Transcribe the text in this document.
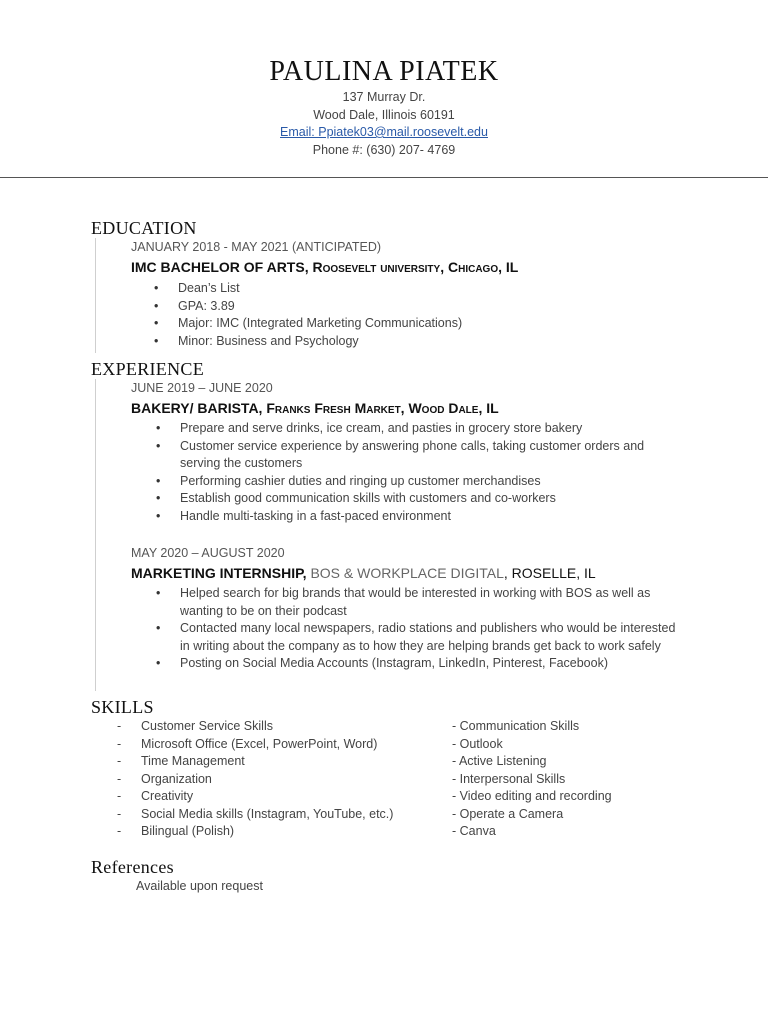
PAULINA PIATEK
137 Murray Dr.
Wood Dale, Illinois 60191
Email: Ppiatek03@mail.roosevelt.edu
Phone #: (630) 207- 4769
EDUCATION
JANUARY 2018 - MAY 2021 (ANTICIPATED)
IMC BACHELOR OF ARTS, Roosevelt university, Chicago, IL
• Dean’s List
• GPA: 3.89
• Major: IMC (Integrated Marketing Communications)
• Minor: Business and Psychology
EXPERIENCE
JUNE 2019 – JUNE 2020
BAKERY/ BARISTA, Franks Fresh Market, Wood Dale, IL
• Prepare and serve drinks, ice cream, and pasties in grocery store bakery
• Customer service experience by answering phone calls, taking customer orders and serving the customers
• Performing cashier duties and ringing up customer merchandises
• Establish good communication skills with customers and co-workers
• Handle multi-tasking in a fast-paced environment
MAY 2020 – AUGUST 2020
MARKETING INTERNSHIP, BOS & WORKPLACE DIGITAL, ROSELLE, IL
• Helped search for big brands that would be interested in working with BOS as well as wanting to be on their podcast
• Contacted many local newspapers, radio stations and publishers who would be interested in writing about the company as to how they are helping brands get back to work safely
• Posting on Social Media Accounts (Instagram, LinkedIn, Pinterest, Facebook)
SKILLS
-
-
-
-
-
-
-
Customer Service Skills
Microsoft Office (Excel, PowerPoint, Word)
Time Management
Organization
Creativity
Social Media skills (Instagram, YouTube, etc.)
Bilingual (Polish)
- Communication Skills
- Outlook
- Active Listening
- Interpersonal Skills
- Video editing and recording
- Operate a Camera
- Canva
References
Available upon request
